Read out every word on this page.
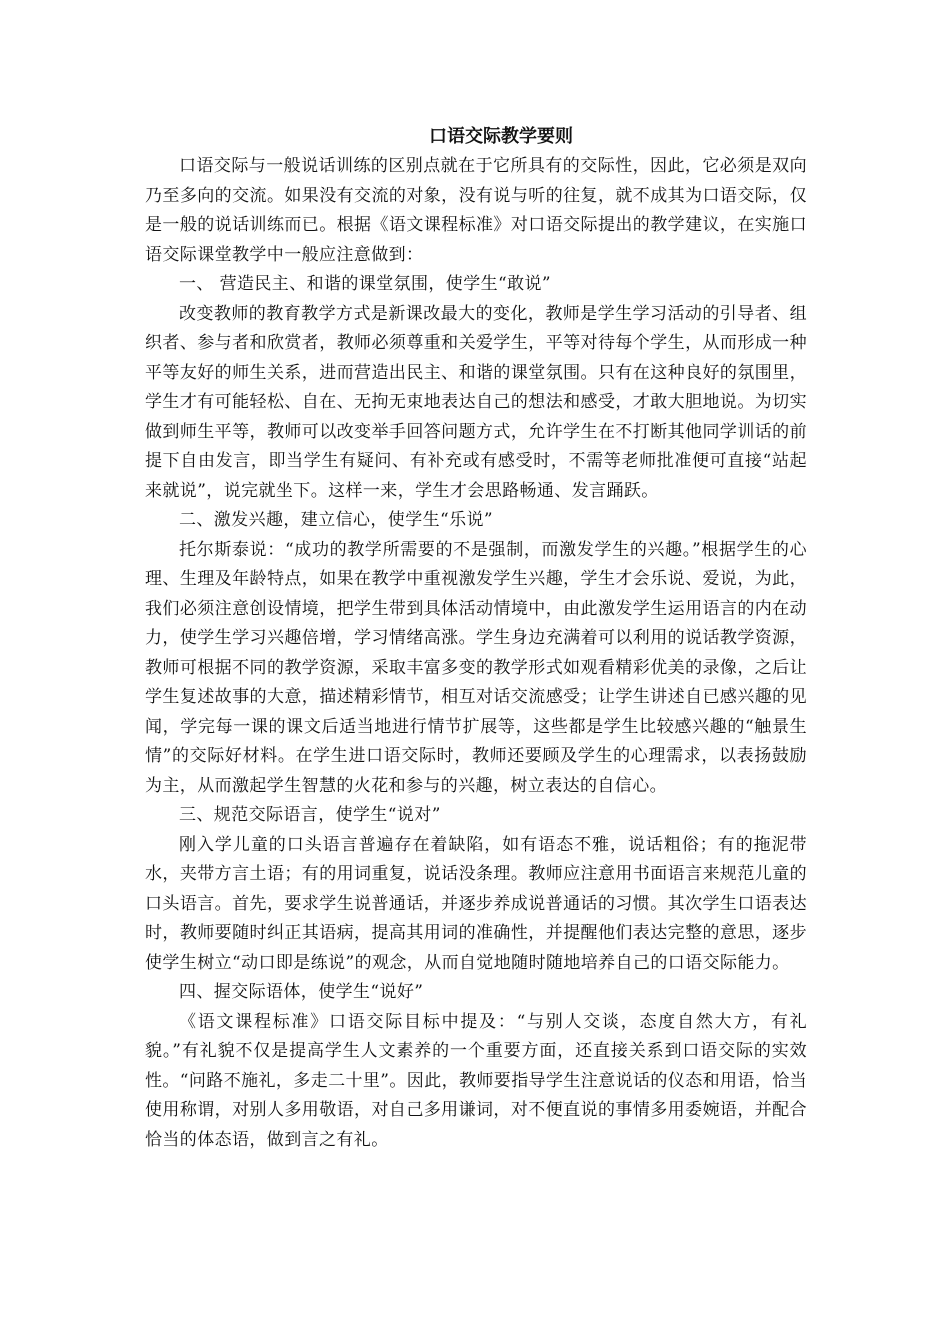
口语交际教学要则

口语交际与一般说话训练的区别点就在于它所具有的交际性，因此，它必须是双向乃至多向的交流。如果没有交流的对象，没有说与听的往复，就不成其为口语交际，仅是一般的说话训练而已。根据《语文课程标准》对口语交际提出的教学建议，在实施口语交际课堂教学中一般应注意做到：

一、 营造民主、和谐的课堂氛围，使学生“敢说”

改变教师的教育教学方式是新课改最大的变化，教师是学生学习活动的引导者、组织者、参与者和欣赏者，教师必须尊重和关爱学生，平等对待每个学生，从而形成一种平等友好的师生关系，进而营造出民主、和谐的课堂氛围。只有在这种良好的氛围里，学生才有可能轻松、自在、无拘无束地表达自己的想法和感受，才敢大胆地说。为切实做到师生平等，教师可以改变举手回答问题方式，允许学生在不打断其他同学训话的前提下自由发言，即当学生有疑问、有补充或有感受时，不需等老师批准便可直接“站起来就说”，说完就坐下。这样一来，学生才会思路畅通、发言踊跃。

二、激发兴趣，建立信心，使学生“乐说”

托尔斯泰说：“成功的教学所需要的不是强制，而激发学生的兴趣。”根据学生的心理、生理及年龄特点，如果在教学中重视激发学生兴趣，学生才会乐说、爱说，为此，我们必须注意创设情境，把学生带到具体活动情境中，由此激发学生运用语言的内在动力，使学生学习兴趣倍增，学习情绪高涨。学生身边充满着可以利用的说话教学资源，教师可根据不同的教学资源，采取丰富多变的教学形式如观看精彩优美的录像，之后让学生复述故事的大意，描述精彩情节，相互对话交流感受；让学生讲述自已感兴趣的见闻，学完每一课的课文后适当地进行情节扩展等，这些都是学生比较感兴趣的“触景生情”的交际好材料。在学生进口语交际时，教师还要顾及学生的心理需求，以表扬鼓励为主，从而激起学生智慧的火花和参与的兴趣，树立表达的自信心。

三、规范交际语言，使学生“说对”

刚入学儿童的口头语言普遍存在着缺陷，如有语态不雅，说话粗俗；有的拖泥带水，夹带方言土语；有的用词重复，说话没条理。教师应注意用书面语言来规范儿童的口头语言。首先，要求学生说普通话，并逐步养成说普通话的习惯。其次学生口语表达时，教师要随时纠正其语病，提高其用词的准确性，并提醒他们表达完整的意思，逐步使学生树立“动口即是练说”的观念，从而自觉地随时随地培养自己的口语交际能力。

四、握交际语体，使学生“说好”

《语文课程标准》口语交际目标中提及：“与别人交谈，态度自然大方，有礼貌。”有礼貌不仅是提高学生人文素养的一个重要方面，还直接关系到口语交际的实效性。“问路不施礼，多走二十里”。因此，教师要指导学生注意说话的仪态和用语，恰当使用称谓，对别人多用敬语，对自己多用谦词，对不便直说的事情多用委婉语，并配合恰当的体态语，做到言之有礼。
